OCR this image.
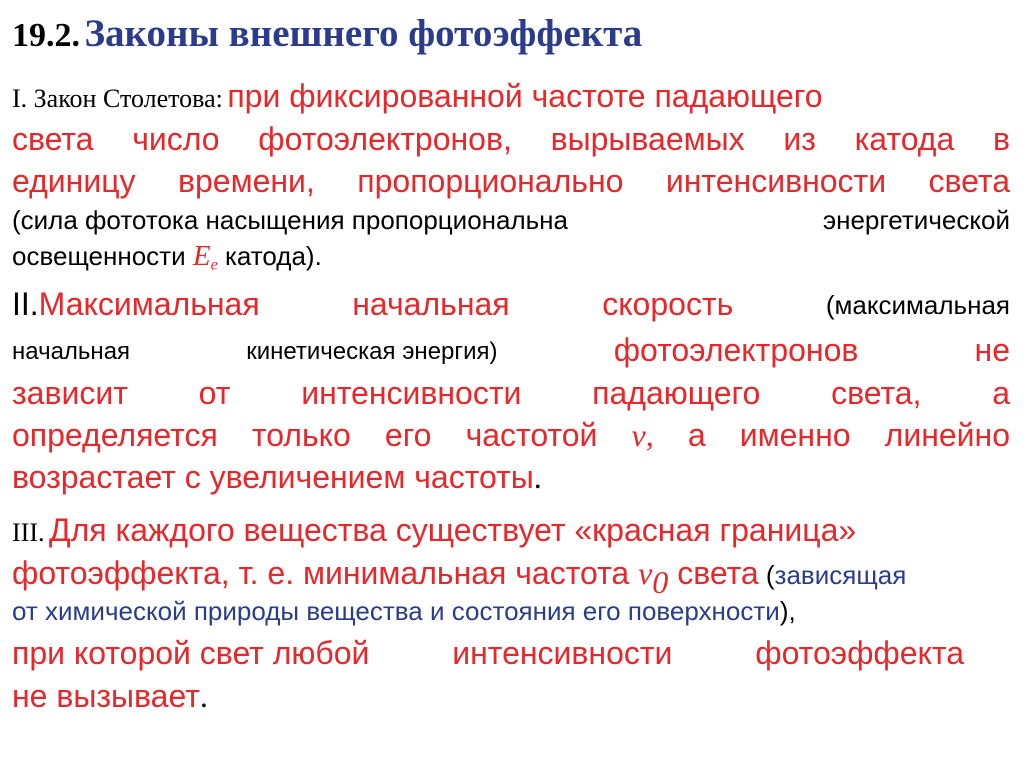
19.2. Законы внешнего фотоэффекта
I. Закон Столетова: при фиксированной частоте падающего
света число фотоэлектронов, вырываемых из катода в
единицу времени, пропорционально интенсивности света
(сила фототока насыщения пропорциональна	энергетической
освещенности $E_e$ катода).
II.Максимальная	начальная	скорость	(максимальная
начальная	кинетическая энергия)	фотоэлектронов	не
зависит от интенсивности падающего света, а
определяется только его частотой ν, а именно линейно
возрастает с увеличением частоты.
III. Для каждого вещества существует «красная граница»
фотоэффекта, т. е. минимальная частота $\nu_0$ света (зависящая
от химической природы вещества и состояния его поверхности),
при которой свет любой	интенсивности	фотоэффекта
не вызывает.
